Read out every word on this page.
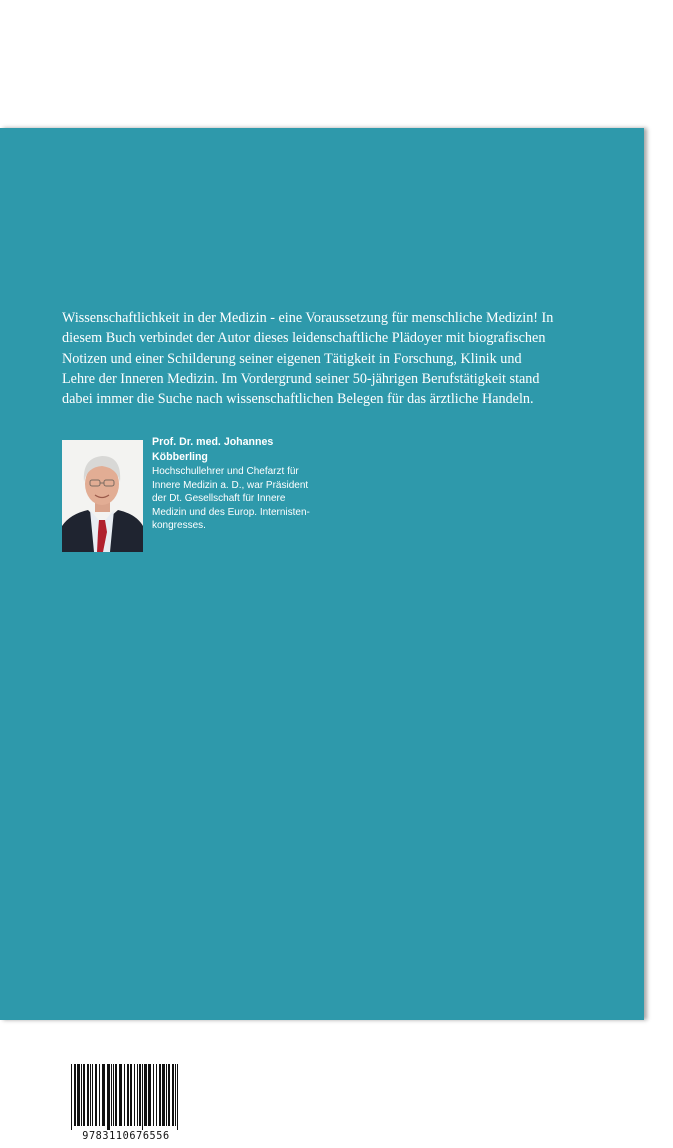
Wissenschaftlichkeit in der Medizin - eine Voraussetzung für menschliche Medizin! In
diesem Buch verbindet der Autor dieses leidenschaftliche Plädoyer mit biografischen
Notizen und einer Schilderung seiner eigenen Tätigkeit in Forschung, Klinik und
Lehre der Inneren Medizin. Im Vordergrund seiner 50-jährigen Berufstätigkeit stand
dabei immer die Suche nach wissenschaftlichen Belegen für das ärztliche Handeln.

Prof. Dr. med. Johannes
Köbberling

Hochschullehrer und Chefarzt für
Innere Medizin a. D., war Präsident
der Dt. Gesellschaft für Innere
Medizin und des Europ. Internisten-
kongresses.

9783110676556

www.degruyter.com

ISBN 978-3-11-067655-6
